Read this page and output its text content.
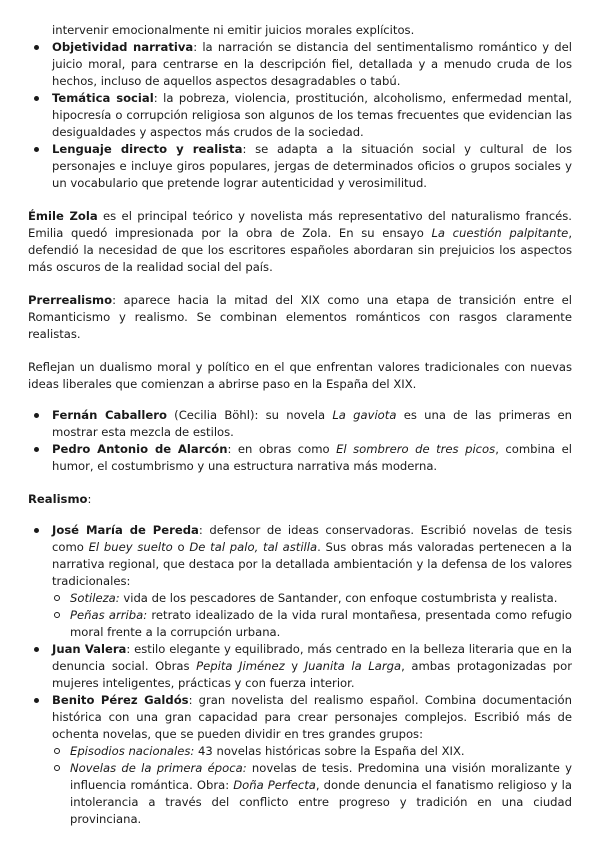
intervenir emocionalmente ni emitir juicios morales explícitos.

Objetividad narrativa: la narración se distancia del sentimentalismo romántico y del juicio moral, para centrarse en la descripción fiel, detallada y a menudo cruda de los hechos, incluso de aquellos aspectos desagradables o tabú.
Temática social: la pobreza, violencia, prostitución, alcoholismo, enfermedad mental, hipocresía o corrupción religiosa son algunos de los temas frecuentes que evidencian las desigualdades y aspectos más crudos de la sociedad.
Lenguaje directo y realista: se adapta a la situación social y cultural de los personajes e incluye giros populares, jergas de determinados oficios o grupos sociales y un vocabulario que pretende lograr autenticidad y verosimilitud.

Émile Zola es el principal teórico y novelista más representativo del naturalismo francés. Emilia quedó impresionada por la obra de Zola. En su ensayo La cuestión palpitante, defendió la necesidad de que los escritores españoles abordaran sin prejuicios los aspectos más oscuros de la realidad social del país.

Prerrealismo: aparece hacia la mitad del XIX como una etapa de transición entre el Romanticismo y realismo. Se combinan elementos románticos con rasgos claramente realistas.

Reflejan un dualismo moral y político en el que enfrentan valores tradicionales con nuevas ideas liberales que comienzan a abrirse paso en la España del XIX.

Fernán Caballero (Cecilia Böhl): su novela La gaviota es una de las primeras en mostrar esta mezcla de estilos.
Pedro Antonio de Alarcón: en obras como El sombrero de tres picos, combina el humor, el costumbrismo y una estructura narrativa más moderna.

Realismo:

José María de Pereda: defensor de ideas conservadoras. Escribió novelas de tesis como El buey suelto o De tal palo, tal astilla. Sus obras más valoradas pertenecen a la narrativa regional, que destaca por la detallada ambientación y la defensa de los valores tradicionales:
Sotileza: vida de los pescadores de Santander, con enfoque costumbrista y realista.
Peñas arriba: retrato idealizado de la vida rural montañesa, presentada como refugio moral frente a la corrupción urbana.
Juan Valera: estilo elegante y equilibrado, más centrado en la belleza literaria que en la denuncia social. Obras Pepita Jiménez y Juanita la Larga, ambas protagonizadas por mujeres inteligentes, prácticas y con fuerza interior.
Benito Pérez Galdós: gran novelista del realismo español. Combina documentación histórica con una gran capacidad para crear personajes complejos. Escribió más de ochenta novelas, que se pueden dividir en tres grandes grupos:
Episodios nacionales: 43 novelas históricas sobre la España del XIX.
Novelas de la primera época: novelas de tesis. Predomina una visión moralizante y influencia romántica. Obra: Doña Perfecta, donde denuncia el fanatismo religioso y la intolerancia a través del conflicto entre progreso y tradición en una ciudad provinciana.
